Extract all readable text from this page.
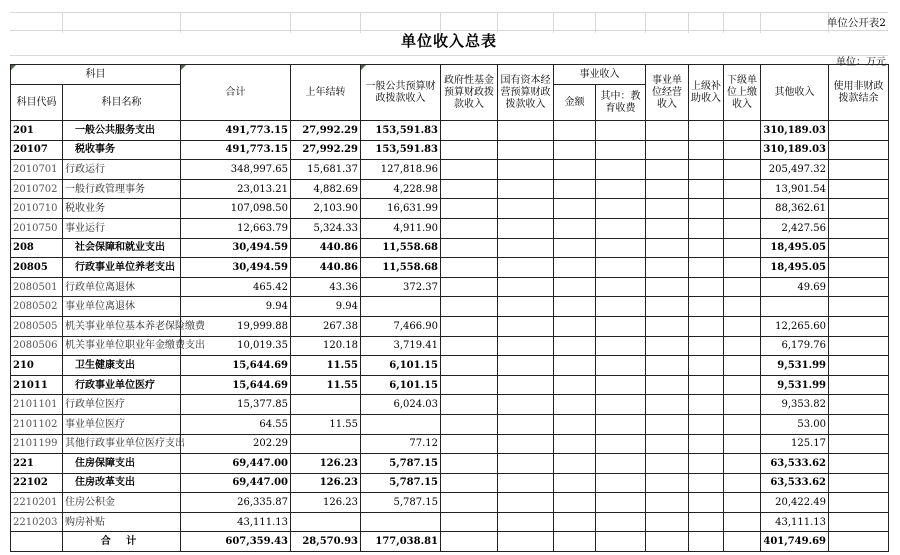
单位公开表2
单位收入总表
单位：万元
科目		合计	上年结转	一般公共预算财政拨款收入	政府性基金预算财政拨款收入	国有资本经营预算财政拨款收入	事业收入		事业单位经营收入	上级补助收入	下级单位上缴收入	其他收入	使用非财政拨款结余
科目代码	科目名称						金额	其中：教育收费					
201	一般公共服务支出	491,773.15	27,992.29	153,591.83								310,189.03	
20107	税收事务	491,773.15	27,992.29	153,591.83								310,189.03	
2010701	行政运行	348,997.65	15,681.37	127,818.96								205,497.32	
2010702	一般行政管理事务	23,013.21	4,882.69	4,228.98								13,901.54	
2010710	税收业务	107,098.50	2,103.90	16,631.99								88,362.61	
2010750	事业运行	12,663.79	5,324.33	4,911.90								2,427.56	
208	社会保障和就业支出	30,494.59	440.86	11,558.68								18,495.05	
20805	行政事业单位养老支出	30,494.59	440.86	11,558.68								18,495.05	
2080501	行政单位离退休	465.42	43.36	372.37								49.69	
2080502	事业单位离退休	9.94	9.94										
2080505	机关事业单位基本养老保险缴费	19,999.88	267.38	7,466.90								12,265.60	
2080506	机关事业单位职业年金缴费支出	10,019.35	120.18	3,719.41								6,179.76	
210	卫生健康支出	15,644.69	11.55	6,101.15								9,531.99	
21011	行政事业单位医疗	15,644.69	11.55	6,101.15								9,531.99	
2101101	行政单位医疗	15,377.85		6,024.03								9,353.82	
2101102	事业单位医疗	64.55	11.55									53.00	
2101199	其他行政事业单位医疗支出	202.29		77.12								125.17	
221	住房保障支出	69,447.00	126.23	5,787.15								63,533.62	
22102	住房改革支出	69,447.00	126.23	5,787.15								63,533.62	
2210201	住房公积金	26,335.87	126.23	5,787.15								20,422.49	
2210203	购房补贴	43,111.13										43,111.13	
	合 计	607,359.43	28,570.93	177,038.81								401,749.69	
